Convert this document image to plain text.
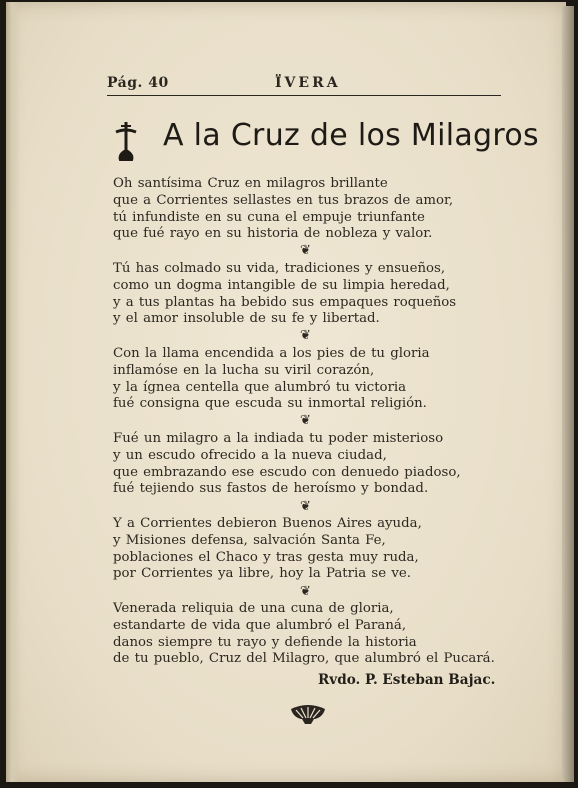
Pág. 40	ÏVERA
A la Cruz de los Milagros
Oh santísima Cruz en milagros brillante
que a Corrientes sellastes en tus brazos de amor,
tú infundiste en su cuna el empuje triunfante
que fué rayo en su historia de nobleza y valor.
❦
Tú has colmado su vida, tradiciones y ensueños,
como un dogma intangible de su limpia heredad,
y a tus plantas ha bebido sus empaques roqueños
y el amor insoluble de su fe y libertad.
❦
Con la llama encendida a los pies de tu gloria
inflamóse en la lucha su viril corazón,
y la ígnea centella que alumbró tu victoria
fué consigna que escuda su inmortal religión.
❦
Fué un milagro a la indiada tu poder misterioso
y un escudo ofrecido a la nueva ciudad,
que embrazando ese escudo con denuedo piadoso,
fué tejiendo sus fastos de heroísmo y bondad.
❦
Y a Corrientes debieron Buenos Aires ayuda,
y Misiones defensa, salvación Santa Fe,
poblaciones el Chaco y tras gesta muy ruda,
por Corrientes ya libre, hoy la Patria se ve.
❦
Venerada reliquia de una cuna de gloria,
estandarte de vida que alumbró el Paraná,
danos siempre tu rayo y defiende la historia
de tu pueblo, Cruz del Milagro, que alumbró el Pucará.
Rvdo. P. Esteban Bajac.
